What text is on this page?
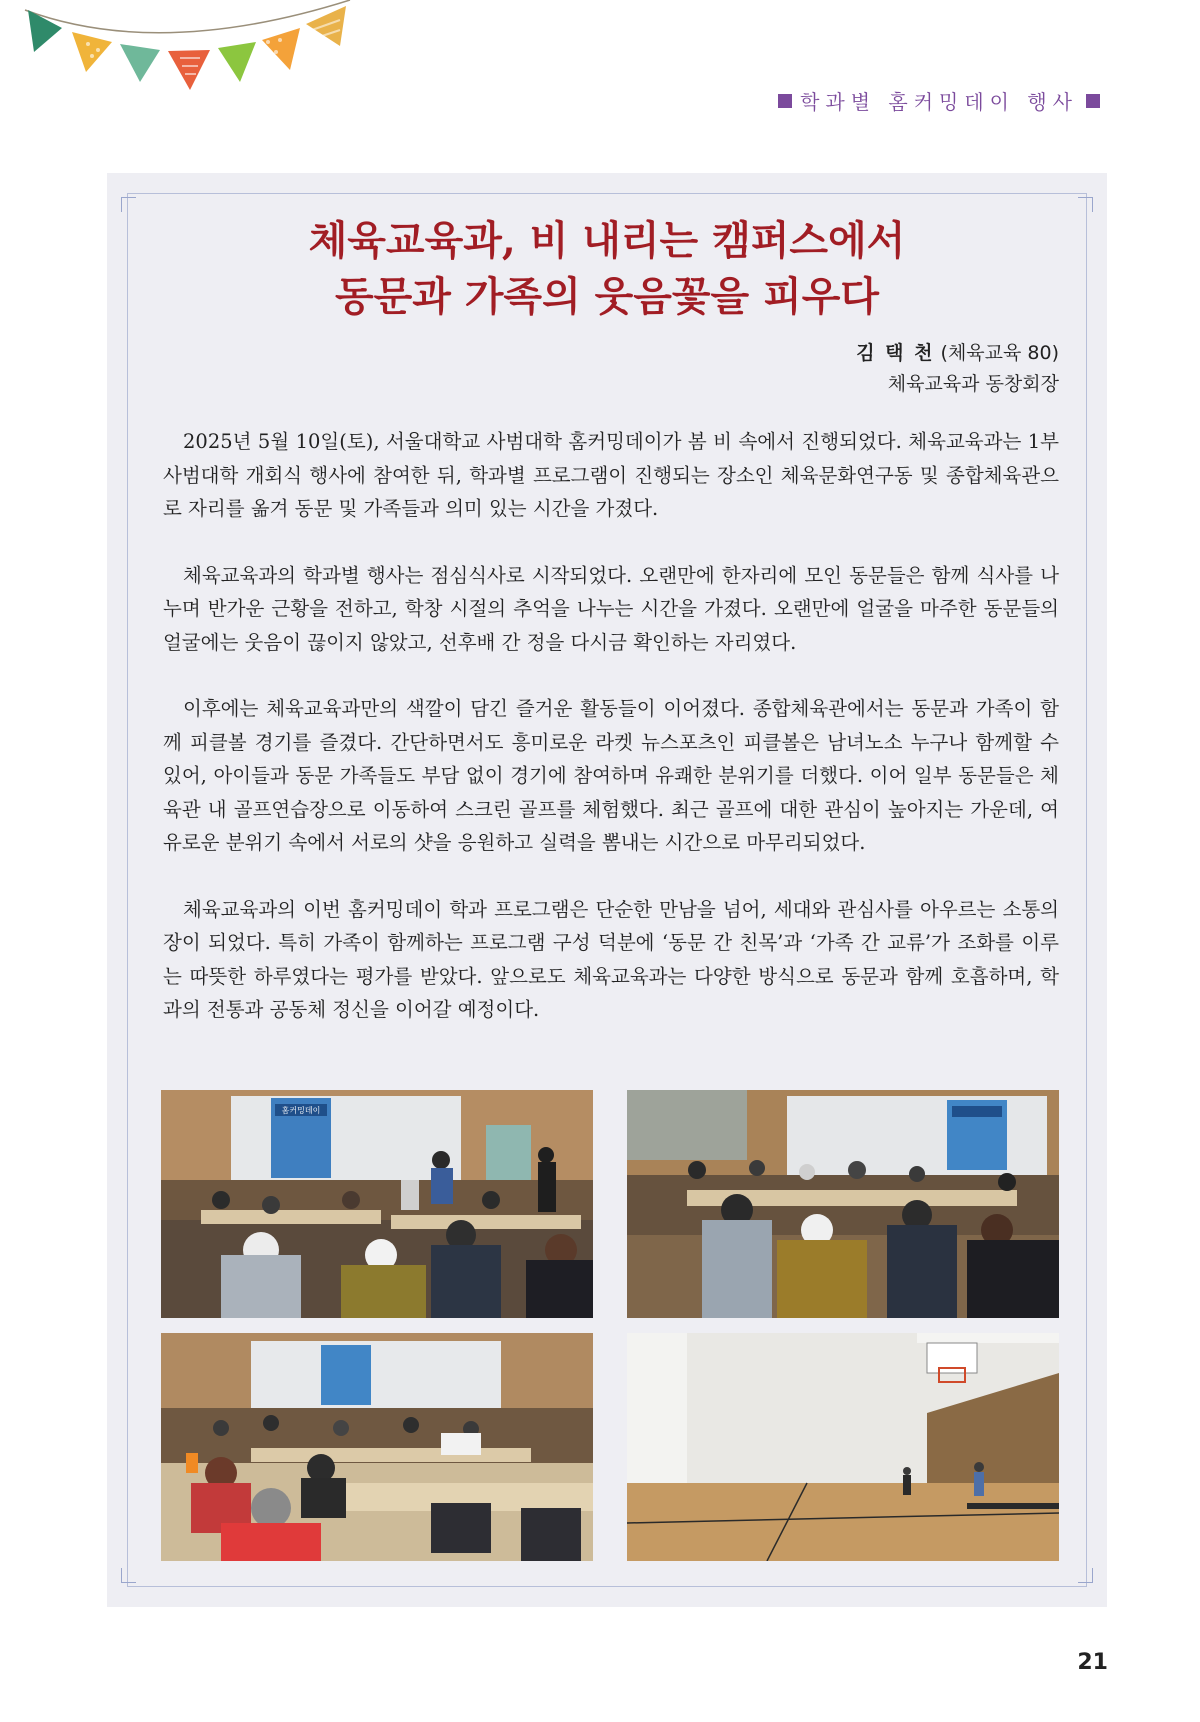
학과별 홈커밍데이 행사
체육교육과, 비 내리는 캠퍼스에서
동문과 가족의 웃음꽃을 피우다
김 택 천 (체육교육 80)
체육교육과 동창회장

2025년 5월 10일(토), 서울대학교 사범대학 홈커밍데이가 봄 비 속에서 진행되었다. 체육교육과는 1부 사범대학 개회식 행사에 참여한 뒤, 학과별 프로그램이 진행되는 장소인 체육문화연구동 및 종합체육관으로 자리를 옮겨 동문 및 가족들과 의미 있는 시간을 가졌다.

체육교육과의 학과별 행사는 점심식사로 시작되었다. 오랜만에 한자리에 모인 동문들은 함께 식사를 나누며 반가운 근황을 전하고, 학창 시절의 추억을 나누는 시간을 가졌다. 오랜만에 얼굴을 마주한 동문들의 얼굴에는 웃음이 끊이지 않았고, 선후배 간 정을 다시금 확인하는 자리였다.

이후에는 체육교육과만의 색깔이 담긴 즐거운 활동들이 이어졌다. 종합체육관에서는 동문과 가족이 함께 피클볼 경기를 즐겼다. 간단하면서도 흥미로운 라켓 뉴스포츠인 피클볼은 남녀노소 누구나 함께할 수 있어, 아이들과 동문 가족들도 부담 없이 경기에 참여하며 유쾌한 분위기를 더했다. 이어 일부 동문들은 체육관 내 골프연습장으로 이동하여 스크린 골프를 체험했다. 최근 골프에 대한 관심이 높아지는 가운데, 여유로운 분위기 속에서 서로의 샷을 응원하고 실력을 뽐내는 시간으로 마무리되었다.

체육교육과의 이번 홈커밍데이 학과 프로그램은 단순한 만남을 넘어, 세대와 관심사를 아우르는 소통의 장이 되었다. 특히 가족이 함께하는 프로그램 구성 덕분에 ‘동문 간 친목’과 ‘가족 간 교류’가 조화를 이루는 따뜻한 하루였다는 평가를 받았다. 앞으로도 체육교육과는 다양한 방식으로 동문과 함께 호흡하며, 학과의 전통과 공동체 정신을 이어갈 예정이다.

홈커밍데이
21
